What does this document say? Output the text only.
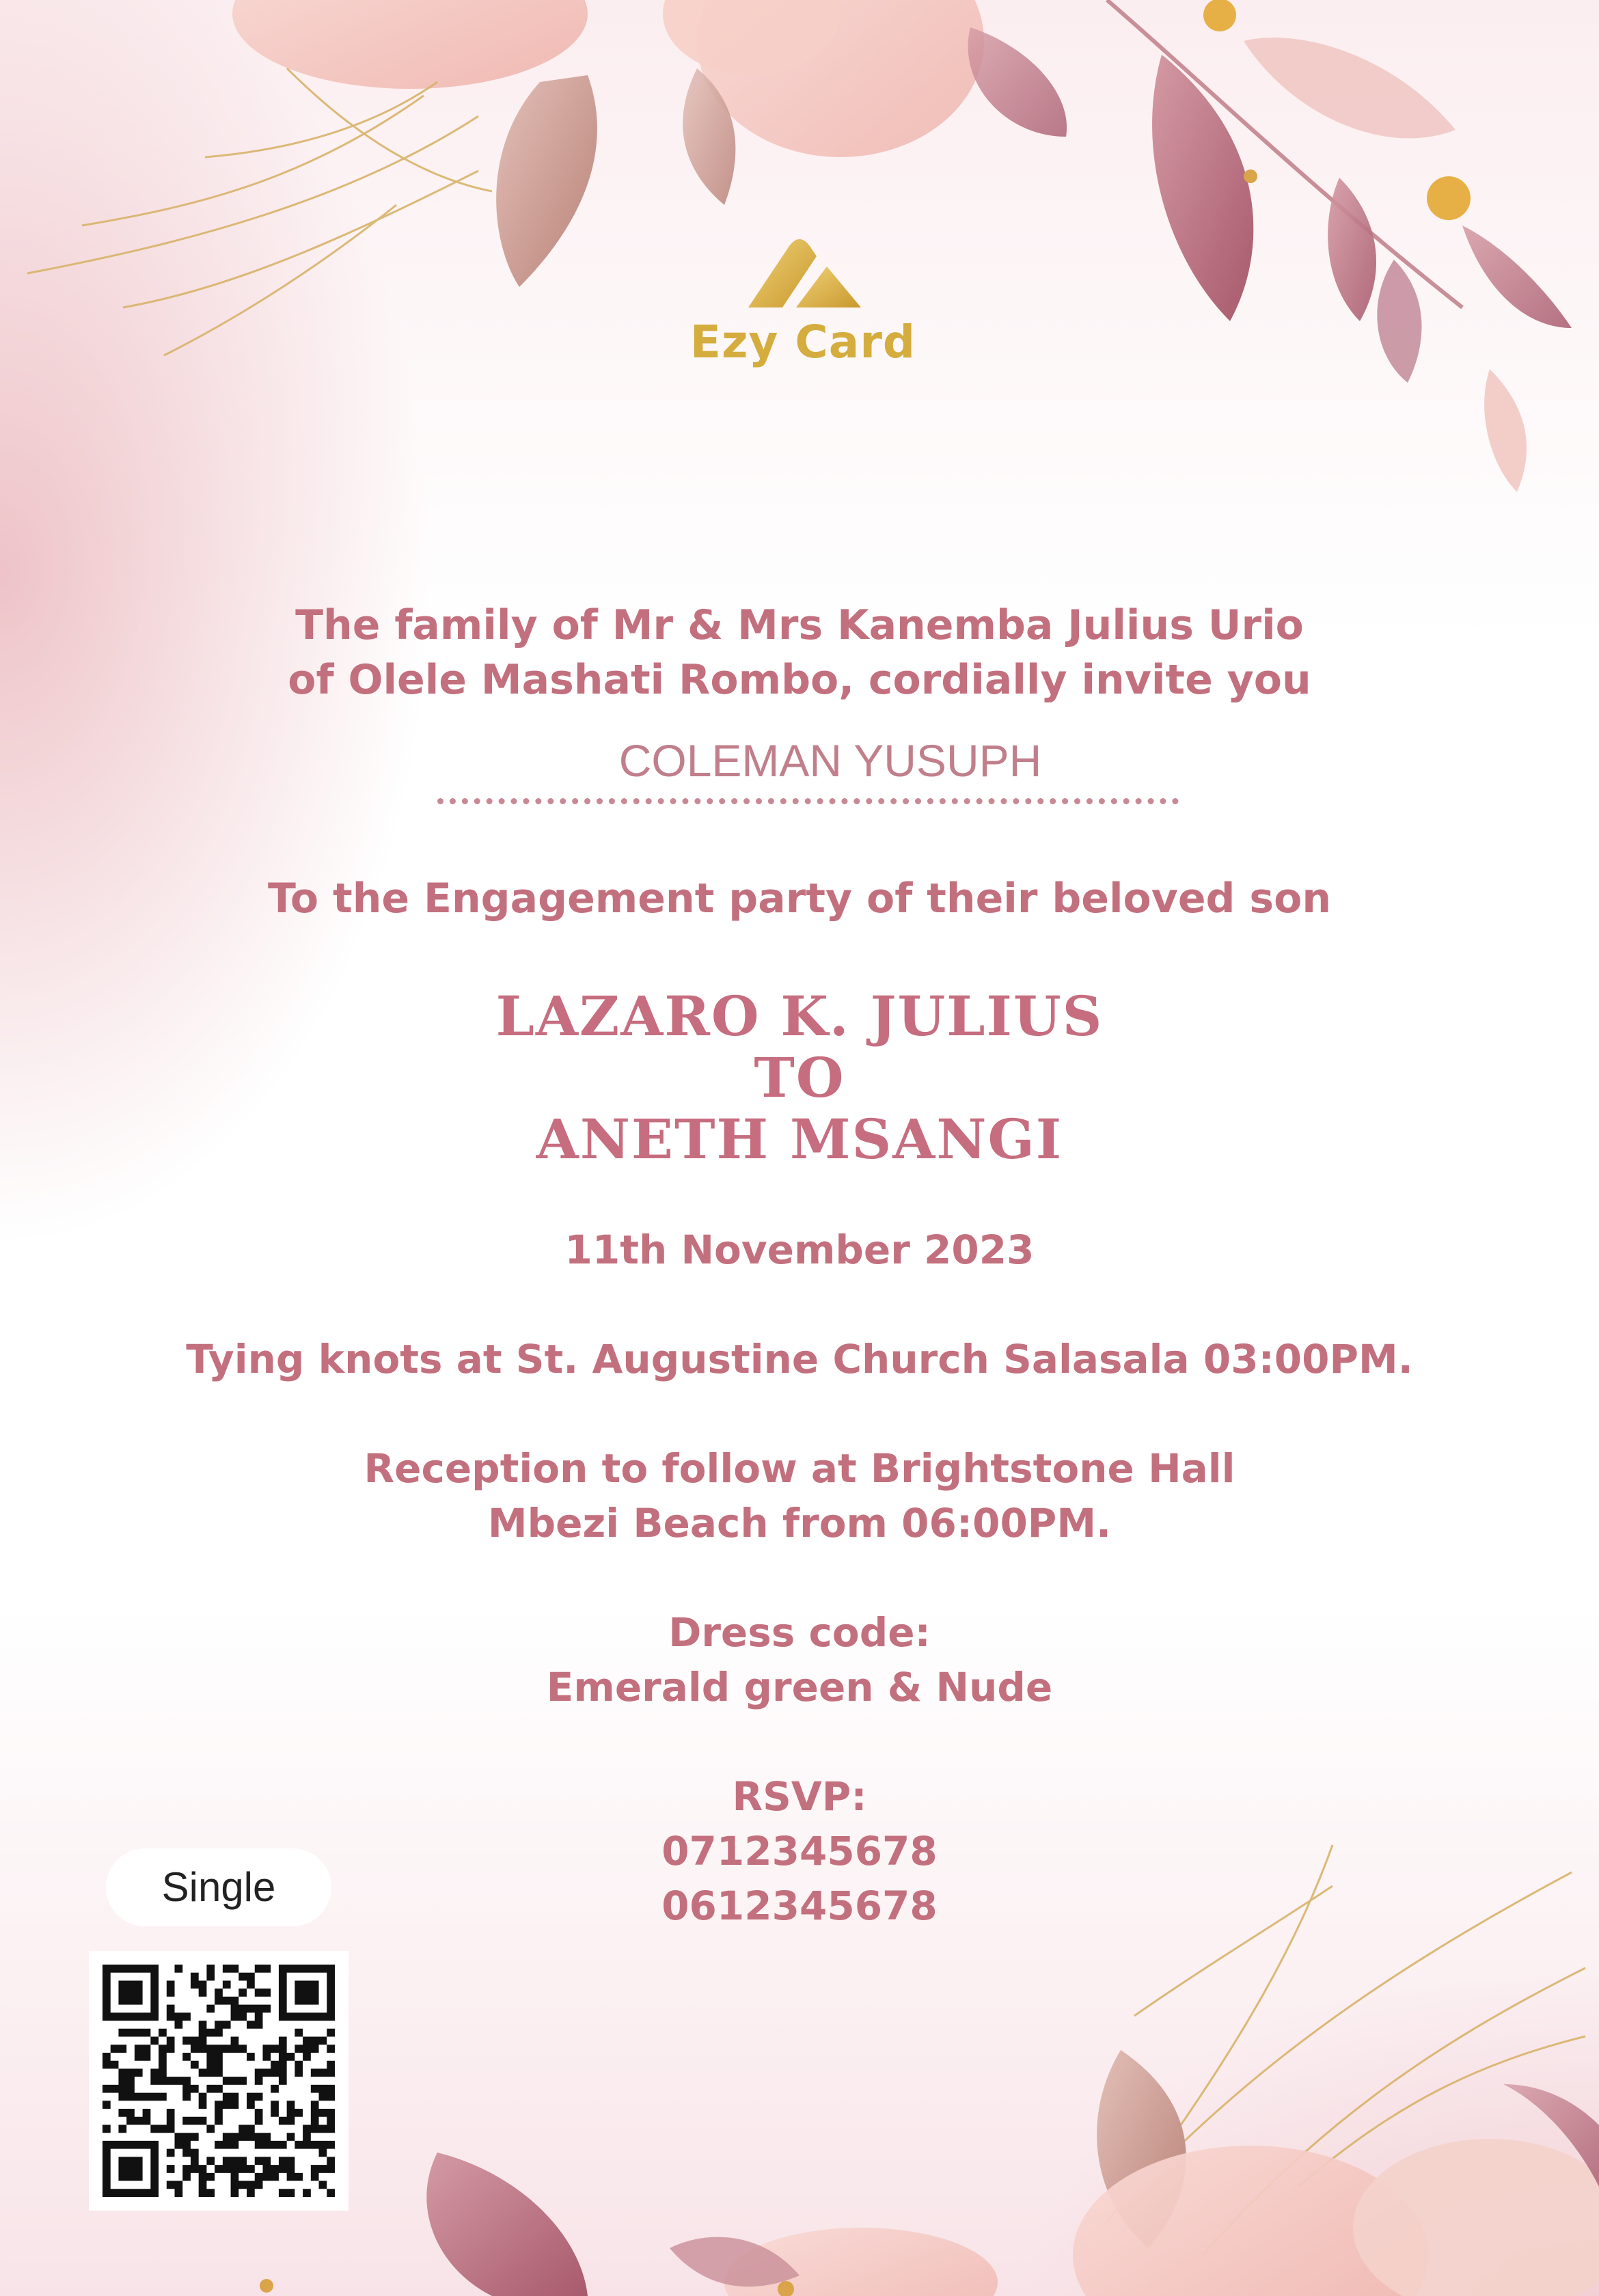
Ezy Card
The family of Mr & Mrs Kanemba Julius Urio
of Olele Mashati Rombo, cordially invite you
COLEMAN YUSUPH
To the Engagement party of their beloved son
LAZARO K. JULIUS
TO
ANETH MSANGI
11th November 2023
Tying knots at St. Augustine Church Salasala 03:00PM.
Reception to follow at Brightstone Hall
Mbezi Beach from 06:00PM.
Dress code:
Emerald green & Nude
RSVP:
0712345678
0612345678
Single
